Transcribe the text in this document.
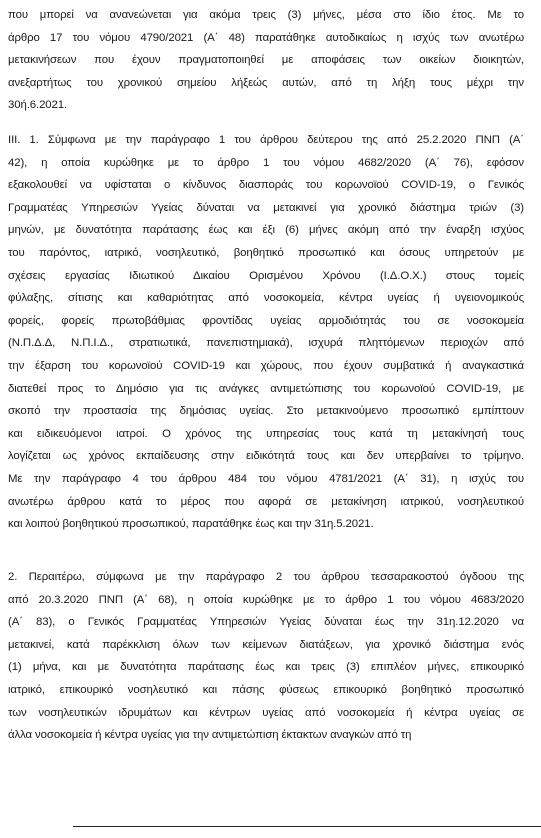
που μπορεί να ανανεώνεται για ακόμα τρεις (3) μήνες, μέσα στο ίδιο έτος. Με το
άρθρο 17 του νόμου 4790/2021 (Α΄ 48) παρατάθηκε αυτοδικαίως η ισχύς των ανωτέρω
μετακινήσεων που έχουν πραγματοποιηθεί με αποφάσεις των οικείων διοικητών,
ανεξαρτήτως του χρονικού σημείου λήξεώς αυτών, από τη λήξη τους μέχρι την
30ή.6.2021.
ΙΙΙ. 1. Σύμφωνα με την παράγραφο 1 του άρθρου δεύτερου της από 25.2.2020 ΠΝΠ (Α΄
42), η οποία κυρώθηκε με το άρθρο 1 του νόμου 4682/2020 (Α΄ 76), εφόσον
εξακολουθεί να υφίσταται ο κίνδυνος διασποράς του κορωνοϊού COVID-19, ο Γενικός
Γραμματέας Υπηρεσιών Υγείας δύναται να μετακινεί για χρονικό διάστημα τριών (3)
μηνών, με δυνατότητα παράτασης έως και έξι (6) μήνες ακόμη από την έναρξη ισχύος
του παρόντος, ιατρικό, νοσηλευτικό, βοηθητικό προσωπικό και όσους υπηρετούν με
σχέσεις εργασίας Ιδιωτικού Δικαίου Ορισμένου Χρόνου (Ι.Δ.Ο.Χ.) στους τομείς
φύλαξης, σίτισης και καθαριότητας από νοσοκομεία, κέντρα υγείας ή υγειονομικούς
φορείς, φορείς πρωτοβάθμιας φροντίδας υγείας αρμοδιότητάς του σε νοσοκομεία
(Ν.Π.Δ.Δ, Ν.Π.Ι.Δ., στρατιωτικά, πανεπιστημιακά), ισχυρά πληττόμενων περιοχών από
την έξαρση του κορωνοϊού COVID-19 και χώρους, που έχουν συμβατικά ή αναγκαστικά
διατεθεί προς το Δημόσιο για τις ανάγκες αντιμετώπισης του κορωνοϊού COVID-19, με
σκοπό την προστασία της δημόσιας υγείας. Στο μετακινούμενο προσωπικό εμπίπτουν
και ειδικευόμενοι ιατροί. Ο χρόνος της υπηρεσίας τους κατά τη μετακίνησή τους
λογίζεται ως χρόνος εκπαίδευσης στην ειδικότητά τους και δεν υπερβαίνει το τρίμηνο.
Με την παράγραφο 4 του άρθρου 484 του νόμου 4781/2021 (Α΄ 31), η ισχύς του
ανωτέρω άρθρου κατά το μέρος που αφορά σε μετακίνηση ιατρικού, νοσηλευτικού
και λοιπού βοηθητικού προσωπικού, παρατάθηκε έως και την 31η.5.2021.
2. Περαιτέρω, σύμφωνα με την παράγραφο 2 του άρθρου τεσσαρακοστού όγδοου της
από 20.3.2020 ΠΝΠ (Α΄ 68), η οποία κυρώθηκε με το άρθρο 1 του νόμου 4683/2020
(Α΄ 83), ο Γενικός Γραμματέας Υπηρεσιών Υγείας δύναται έως την 31η.12.2020 να
μετακινεί, κατά παρέκκλιση όλων των κείμενων διατάξεων, για χρονικό διάστημα ενός
(1) μήνα, και με δυνατότητα παράτασης έως και τρεις (3) επιπλέον μήνες, επικουρικό
ιατρικό, επικουρικό νοσηλευτικό και πάσης φύσεως επικουρικό βοηθητικό προσωπικό
των νοσηλευτικών ιδρυμάτων και κέντρων υγείας από νοσοκομεία ή κέντρα υγείας σε
άλλα νοσοκομεία ή κέντρα υγείας για την αντιμετώπιση έκτακτων αναγκών από τη
